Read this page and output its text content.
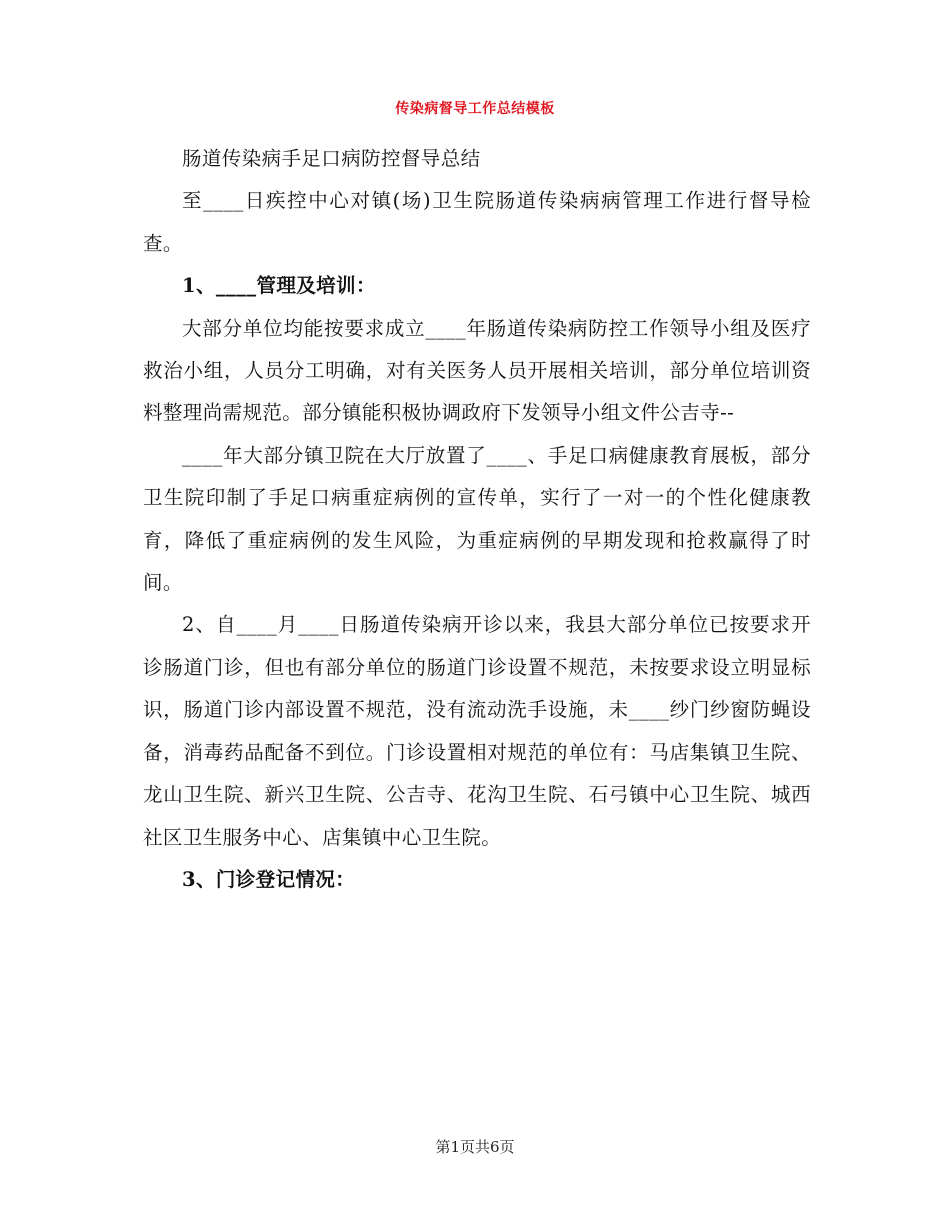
传染病督导工作总结模板

肠道传染病手足口病防控督导总结

至____日疾控中心对镇(场)卫生院肠道传染病病管理工作进行督导检查。

1、____管理及培训：

大部分单位均能按要求成立____年肠道传染病防控工作领导小组及医疗救治小组，人员分工明确，对有关医务人员开展相关培训，部分单位培训资料整理尚需规范。部分镇能积极协调政府下发领导小组文件公吉寺--

____年大部分镇卫院在大厅放置了____、手足口病健康教育展板，部分卫生院印制了手足口病重症病例的宣传单，实行了一对一的个性化健康教育，降低了重症病例的发生风险，为重症病例的早期发现和抢救赢得了时间。

2、自____月____日肠道传染病开诊以来，我县大部分单位已按要求开诊肠道门诊，但也有部分单位的肠道门诊设置不规范，未按要求设立明显标识，肠道门诊内部设置不规范，没有流动洗手设施，未____纱门纱窗防蝇设备，消毒药品配备不到位。门诊设置相对规范的单位有：马店集镇卫生院、龙山卫生院、新兴卫生院、公吉寺、花沟卫生院、石弓镇中心卫生院、城西社区卫生服务中心、店集镇中心卫生院。

3、门诊登记情况：

第1页共6页
